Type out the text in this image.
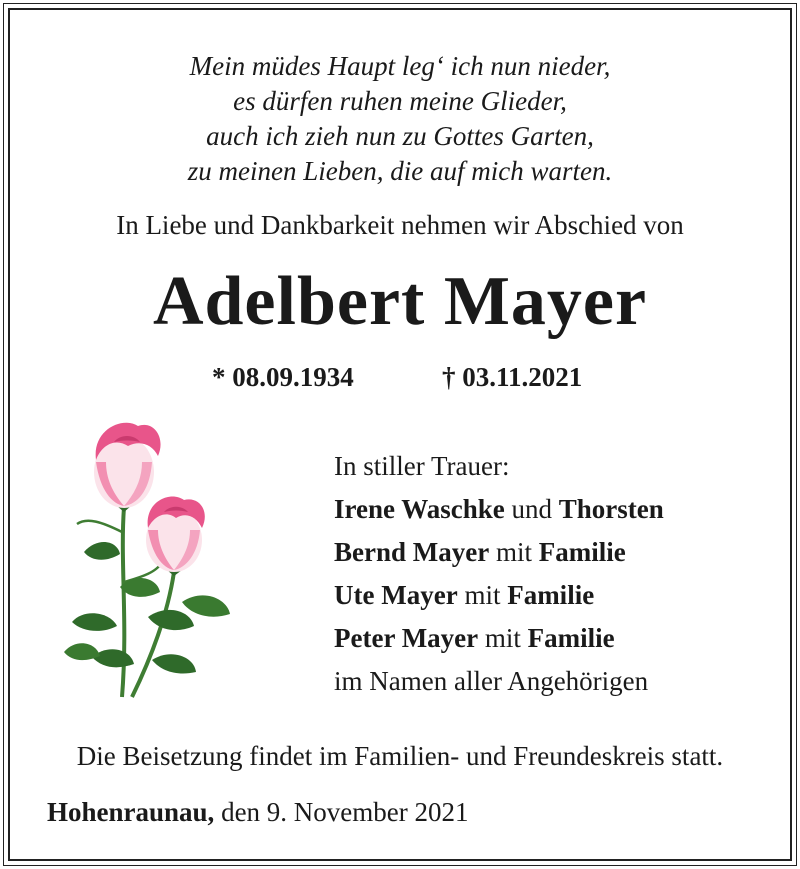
Mein müdes Haupt leg‘ ich nun nieder,
es dürfen ruhen meine Glieder,
auch ich zieh nun zu Gottes Garten,
zu meinen Lieben, die auf mich warten.
In Liebe und Dankbarkeit nehmen wir Abschied von
Adelbert Mayer
* 08.09.1934	† 03.11.2021
In stiller Trauer:
Irene Waschke und Thorsten
Bernd Mayer mit Familie
Ute Mayer mit Familie
Peter Mayer mit Familie
im Namen aller Angehörigen
Die Beisetzung findet im Familien- und Freundeskreis statt.
Hohenraunau, den 9. November 2021
